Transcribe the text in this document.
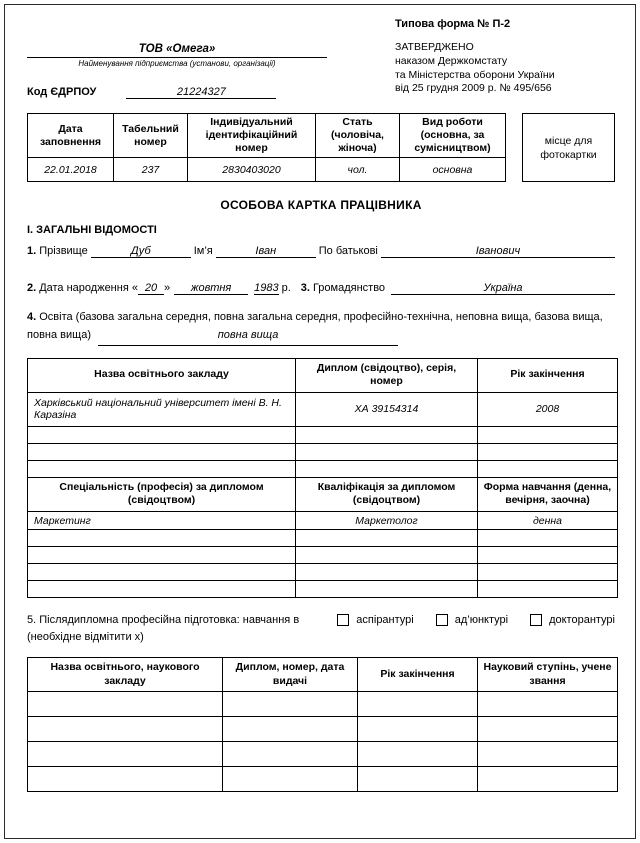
ТОВ «Омега»
Найменування підприємства (установи, організації)
Код ЄДРПОУ	21224327
Типова форма № П-2
ЗАТВЕРДЖЕНО
наказом Держкомстату
та Міністерства оборони України
від 25 грудня 2009 р. № 495/656
Дата заповнення	Табельний номер	Індивідуальний ідентифікаційний номер	Стать (чоловіча, жіноча)	Вид роботи (основна, за сумісництвом)
22.01.2018	237	2830403020	чол.	основна
місце для фотокартки
ОСОБОВА КАРТКА ПРАЦІВНИКА
І. ЗАГАЛЬНІ ВІДОМОСТІ
1. Прізвище	Дуб	Ім’я	Іван	По батькові	Іванович
2. Дата народження « 20 »	жовтня	1983 р. 3. Громадянство	Україна
4. Освіта (базова загальна середня, повна загальна середня, професійно-технічна, неповна вища, базова вища, повна вища)	повна вища
Назва освітнього закладу	Диплом (свідоцтво), серія, номер	Рік закінчення
Харківський національний університет імені В. Н. Каразіна	ХА 39154314	2008

Спеціальність (професія) за дипломом (свідоцтвом)	Кваліфікація за дипломом (свідоцтвом)	Форма навчання (денна, вечірня, заочна)
Маркетинг	Маркетолог	денна

5. Післядипломна професійна підготовка: навчання в
(необхідне відмітити х)
аспірантурі	ад’юнктурі	докторантурі
Назва освітнього, наукового закладу	Диплом, номер, дата видачі	Рік закінчення	Науковий ступінь, учене звання
